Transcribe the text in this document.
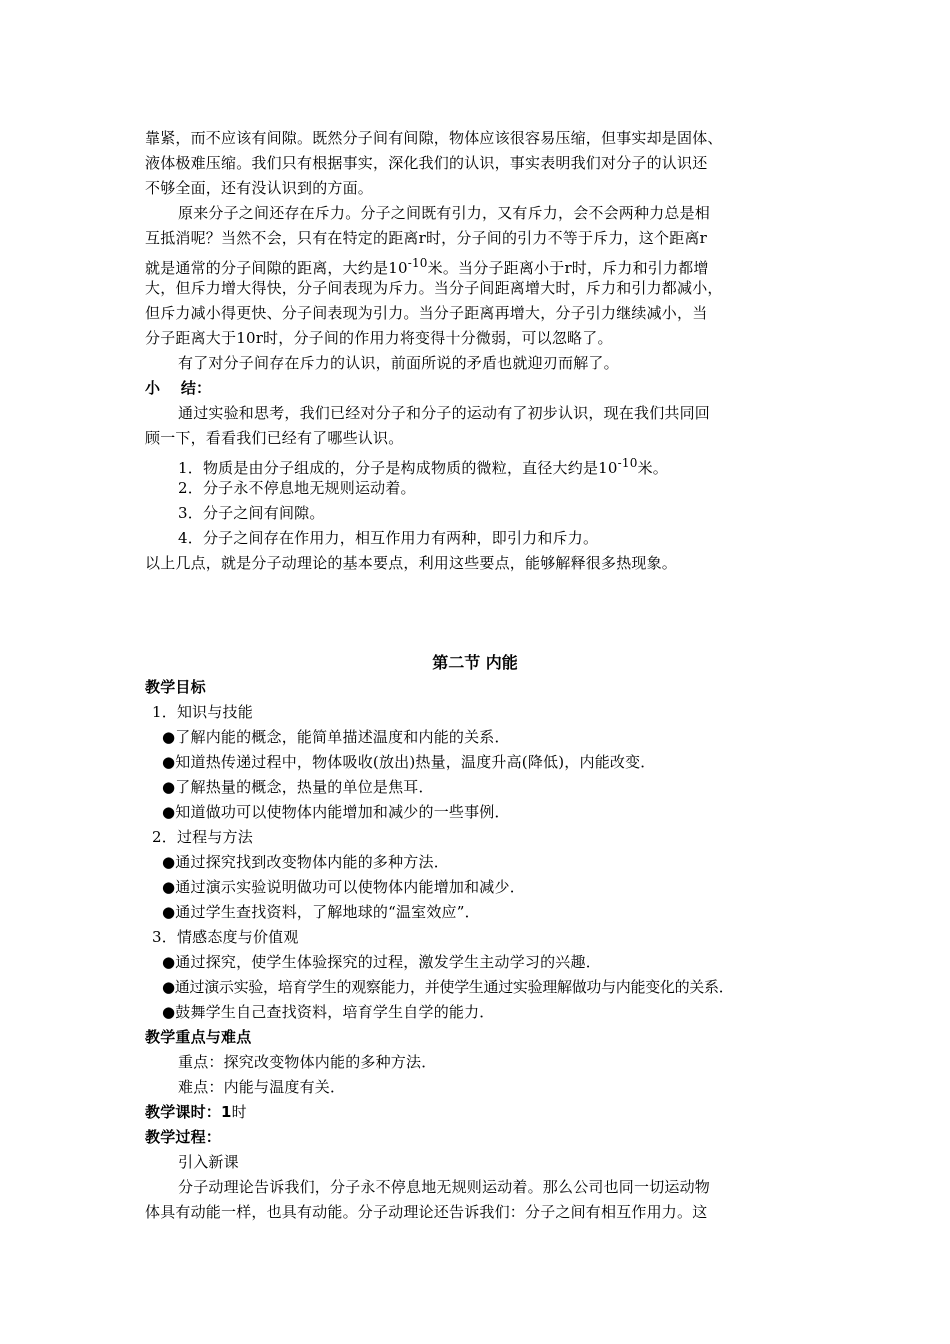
靠紧，而不应该有间隙。既然分子间有间隙，物体应该很容易压缩，但事实却是固体、
液体极难压缩。我们只有根据事实，深化我们的认识，事实表明我们对分子的认识还
不够全面，还有没认识到的方面。
原来分子之间还存在斥力。分子之间既有引力，又有斥力，会不会两种力总是相
互抵消呢？当然不会，只有在特定的距离r时，分子间的引力不等于斥力，这个距离r
就是通常的分子间隙的距离，大约是$10^{-10}$米。当分子距离小于r时，斥力和引力都增
大，但斥力增大得快，分子间表现为斥力。当分子间距离增大时，斥力和引力都减小，
但斥力减小得更快、分子间表现为引力。当分子距离再增大，分子引力继续减小，当
分子距离大于10r时，分子间的作用力将变得十分微弱，可以忽略了。
有了对分子间存在斥力的认识，前面所说的矛盾也就迎刃而解了。
小　 结：
通过实验和思考，我们已经对分子和分子的运动有了初步认识，现在我们共同回
顾一下，看看我们已经有了哪些认识。
1．物质是由分子组成的，分子是构成物质的微粒，直径大约是$10^{-10}$米。
2．分子永不停息地无规则运动着。
3．分子之间有间隙。
4．分子之间存在作用力，相互作用力有两种，即引力和斥力。
以上几点，就是分子动理论的基本要点，利用这些要点，能够解释很多热现象。
第二节 内能
教学目标
1．知识与技能
●了解内能的概念，能简单描述温度和内能的关系．
●知道热传递过程中，物体吸收(放出)热量，温度升高(降低)，内能改变．
●了解热量的概念，热量的单位是焦耳．
●知道做功可以使物体内能增加和减少的一些事例．
2．过程与方法
●通过探究找到改变物体内能的多种方法．
●通过演示实验说明做功可以使物体内能增加和减少．
●通过学生查找资料，了解地球的“温室效应”．
3．情感态度与价值观
●通过探究，使学生体验探究的过程，激发学生主动学习的兴趣．
●通过演示实验，培育学生的观察能力，并使学生通过实验理解做功与内能变化的关系．
●鼓舞学生自己查找资料，培育学生自学的能力．
教学重点与难点
重点：探究改变物体内能的多种方法．
难点：内能与温度有关．
教学课时：1时
教学过程：
引入新课
分子动理论告诉我们，分子永不停息地无规则运动着。那么公司也同一切运动物
体具有动能一样，也具有动能。分子动理论还告诉我们：分子之间有相互作用力。这
